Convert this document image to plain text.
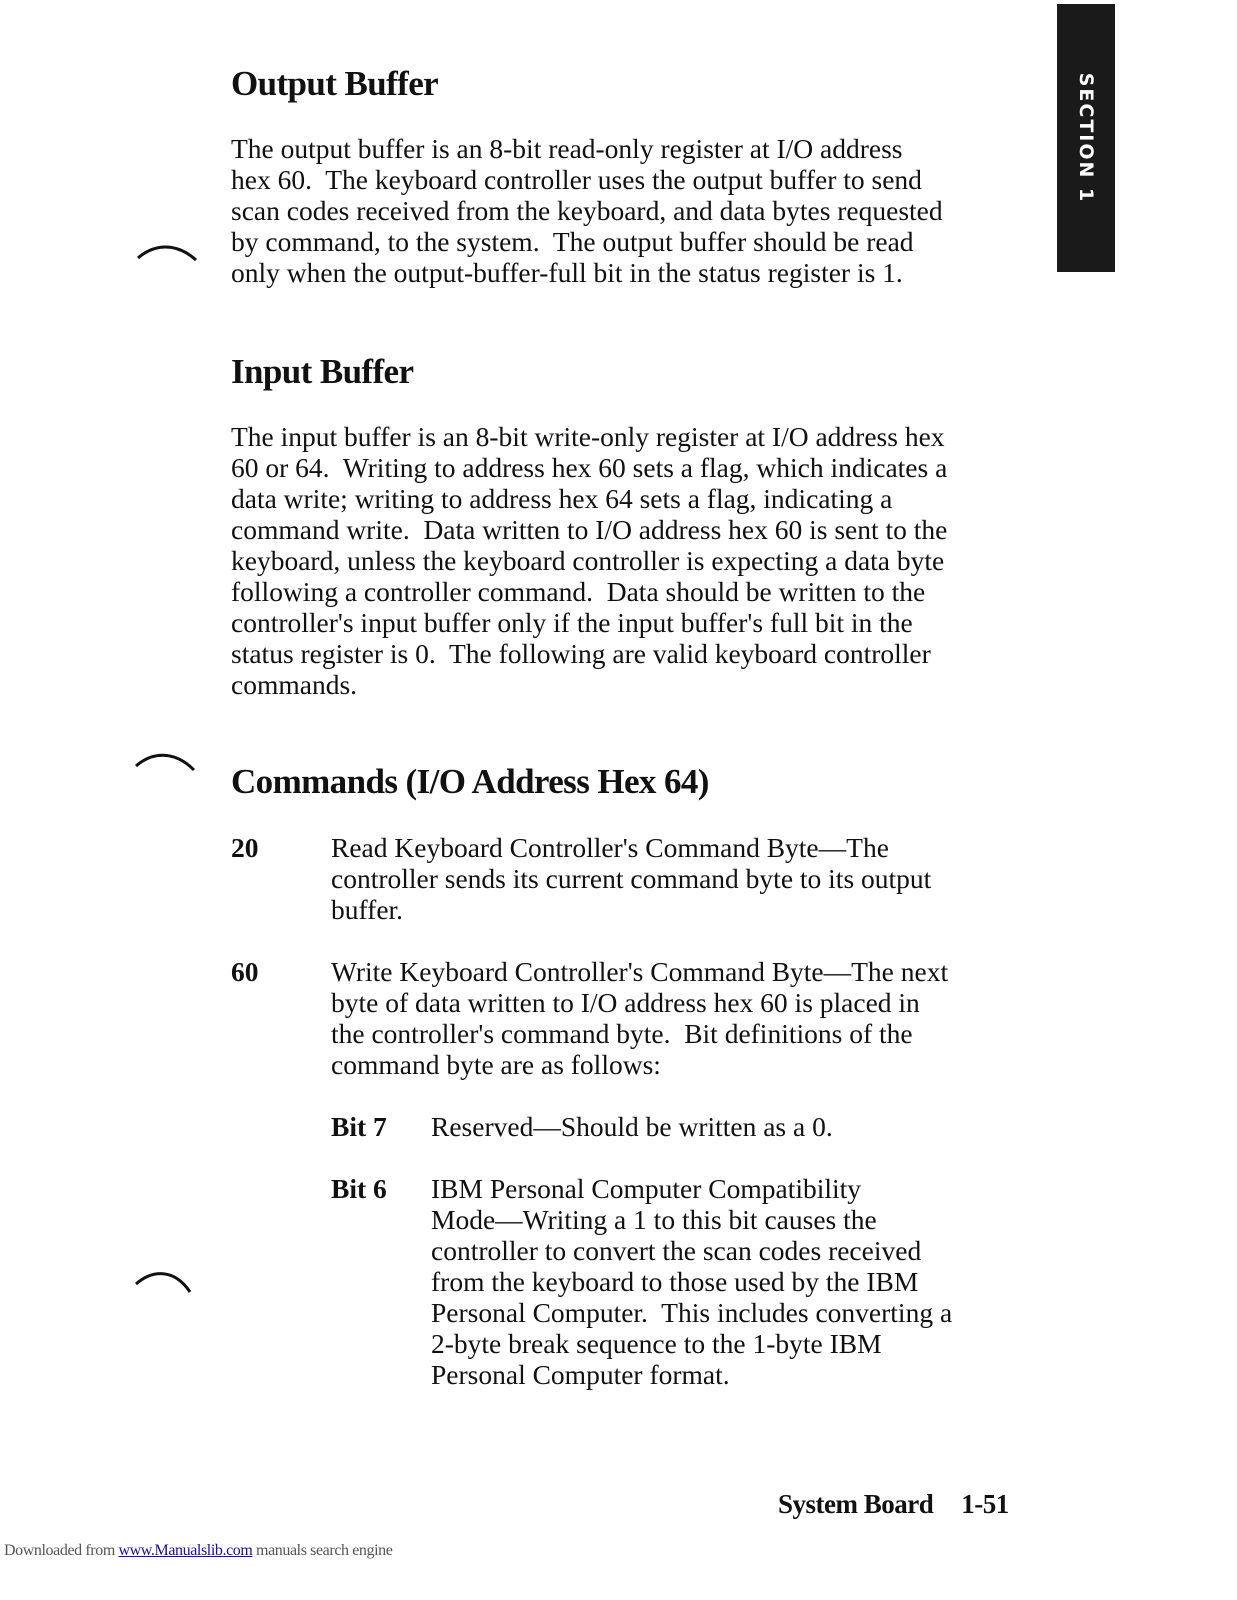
SECTION 1
Output Buffer

The output buffer is an 8-bit read-only register at I/O address

hex 60.  The keyboard controller uses the output buffer to send

scan codes received from the keyboard, and data bytes requested

by command, to the system.  The output buffer should be read

only when the output-buffer-full bit in the status register is 1.

Input Buffer

The input buffer is an 8-bit write-only register at I/O address hex

60 or 64.  Writing to address hex 60 sets a flag, which indicates a

data write; writing to address hex 64 sets a flag, indicating a

command write.  Data written to I/O address hex 60 is sent to the

keyboard, unless the keyboard controller is expecting a data byte

following a controller command.  Data should be written to the

controller's input buffer only if the input buffer's full bit in the

status register is 0.  The following are valid keyboard controller

commands.

Commands (I/O Address Hex 64)
20	Read Keyboard Controller's Command Byte—The

controller sends its current command byte to its output

buffer.

60	Write Keyboard Controller's Command Byte—The next

byte of data written to I/O address hex 60 is placed in

the controller's command byte.  Bit definitions of the

command byte are as follows:

Bit 7 Reserved—Should be written as a 0.

Bit 6 IBM Personal Computer Compatibility

Mode—Writing a 1 to this bit causes the

controller to convert the scan codes received

from the keyboard to those used by the IBM

Personal Computer.  This includes converting a

2-byte break sequence to the 1-byte IBM

Personal Computer format.

System Board 1-51
Downloaded from www.Manualslib.com manuals search engine
